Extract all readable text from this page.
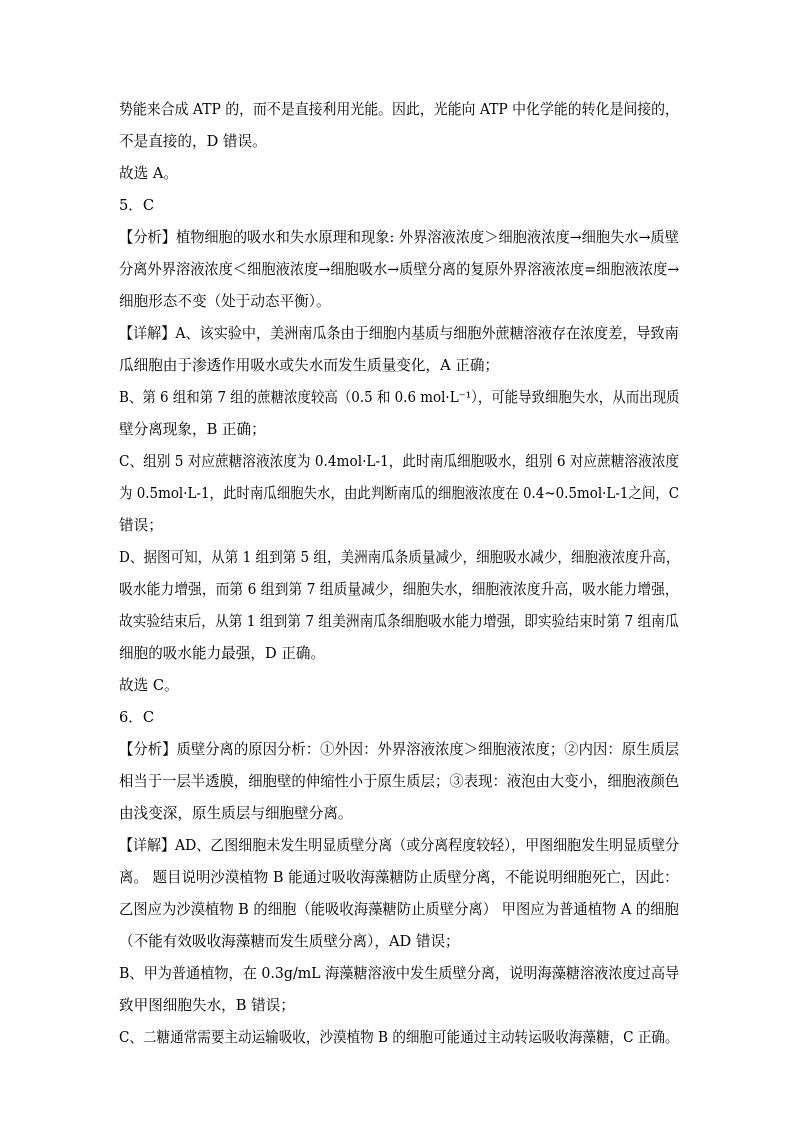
势能来合成 ATP 的，而不是直接利用光能。因此，光能向 ATP 中化学能的转化是间接的，
不是直接的，D 错误。
故选 A。
5．C
【分析】植物细胞的吸水和失水原理和现象: 外界溶液浓度＞细胞液浓度→细胞失水→质壁
分离外界溶液浓度＜细胞液浓度→细胞吸水→质壁分离的复原外界溶液浓度=细胞液浓度→
细胞形态不变（处于动态平衡）。
【详解】A、该实验中，美洲南瓜条由于细胞内基质与细胞外蔗糖溶液存在浓度差，导致南
瓜细胞由于渗透作用吸水或失水而发生质量变化，A 正确；
B、第 6 组和第 7 组的蔗糖浓度较高（0.5 和 0.6 mol·L⁻¹），可能导致细胞失水，从而出现质
壁分离现象，B 正确；
C、组别 5 对应蔗糖溶液浓度为 0.4mol·L-1，此时南瓜细胞吸水，组别 6 对应蔗糖溶液浓度
为 0.5mol·L-1，此时南瓜细胞失水，由此判断南瓜的细胞液浓度在 0.4~0.5mol·L-1之间，C
错误；
D、据图可知，从第 1 组到第 5 组，美洲南瓜条质量减少，细胞吸水减少，细胞液浓度升高，
吸水能力增强，而第 6 组到第 7 组质量减少，细胞失水，细胞液浓度升高，吸水能力增强，
故实验结束后，从第 1 组到第 7 组美洲南瓜条细胞吸水能力增强，即实验结束时第 7 组南瓜
细胞的吸水能力最强，D 正确。
故选 C。
6．C
【分析】质壁分离的原因分析：①外因：外界溶液浓度＞细胞液浓度；②内因：原生质层
相当于一层半透膜，细胞壁的伸缩性小于原生质层；③表现：液泡由大变小，细胞液颜色
由浅变深，原生质层与细胞壁分离。
【详解】AD、乙图细胞未发生明显质壁分离（或分离程度较轻），甲图细胞发生明显质壁分
离。 题目说明沙漠植物 B 能通过吸收海藻糖防止质壁分离，不能说明细胞死亡，因此：
乙图应为沙漠植物 B 的细胞（能吸收海藻糖防止质壁分离） 甲图应为普通植物 A 的细胞
（不能有效吸收海藻糖而发生质壁分离），AD 错误；
B、甲为普通植物，在 0.3g/mL 海藻糖溶液中发生质壁分离，说明海藻糖溶液浓度过高导
致甲图细胞失水，B 错误；
C、二糖通常需要主动运输吸收，沙漠植物 B 的细胞可能通过主动转运吸收海藻糖，C 正确。
